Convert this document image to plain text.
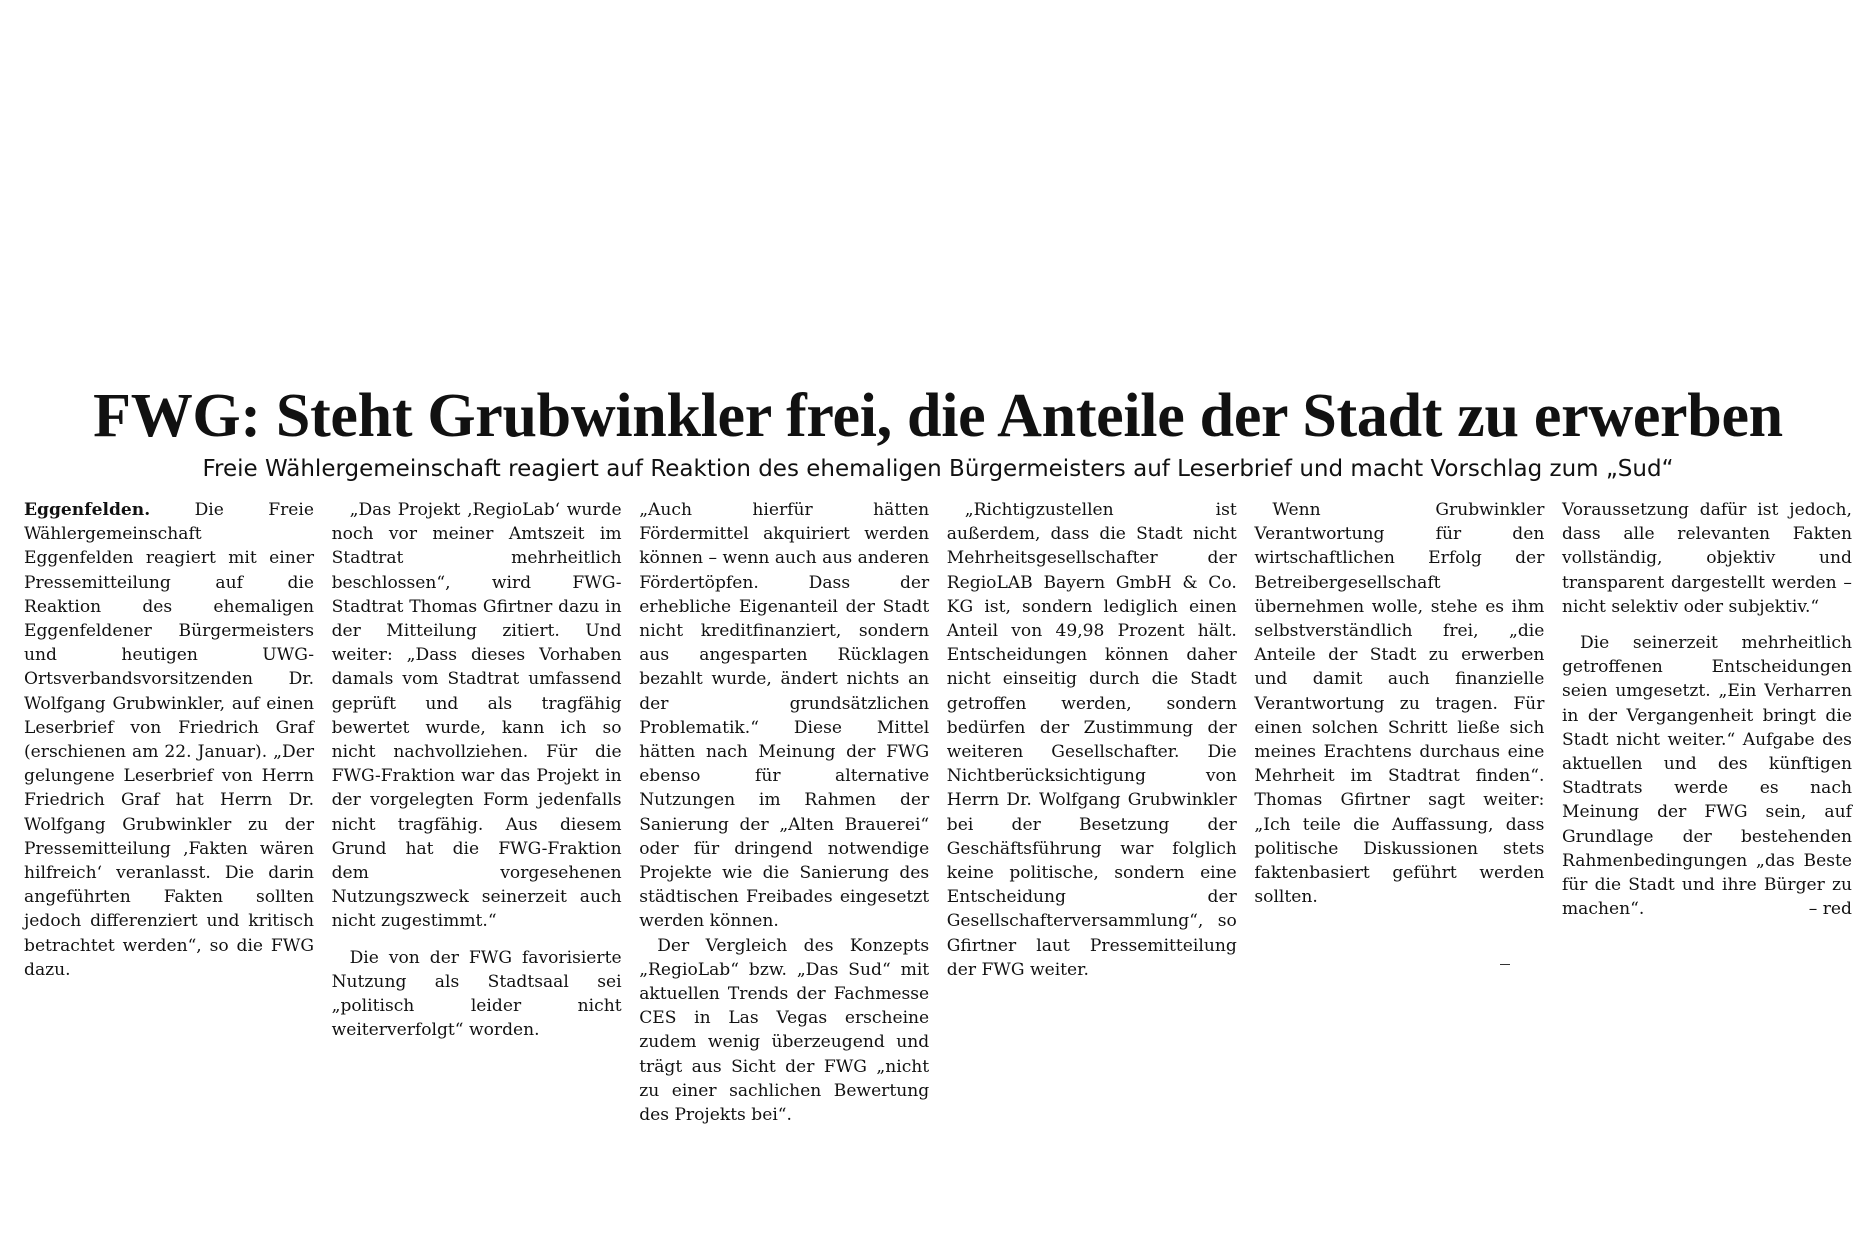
FWG: Steht Grubwinkler frei, die Anteile der Stadt zu erwerben
Freie Wählergemeinschaft reagiert auf Reaktion des ehemaligen Bürgermeisters auf Leserbrief und macht Vorschlag zum „Sud“

Eggenfelden.	Die Freie Wählergemeinschaft Eggenfelden reagiert mit einer Pressemitteilung auf die Reaktion des ehemaligen Eggenfeldener Bürgermeisters und heutigen UWG-Ortsverbandsvorsitzenden Dr. Wolfgang Grubwinkler, auf einen Leserbrief von Friedrich Graf (erschienen am 22. Januar). „Der gelungene Leserbrief von Herrn Friedrich Graf hat Herrn Dr. Wolfgang Grubwinkler zu der Pressemitteilung ‚Fakten wären hilfreich‘ veranlasst. Die darin angeführten Fakten sollten jedoch differenziert und kritisch betrachtet werden“, so die FWG dazu.

„Das Projekt ‚RegioLab‘ wurde noch vor meiner Amtszeit im Stadtrat mehrheitlich beschlossen“, wird FWG-Stadtrat Thomas Gfirtner dazu in der Mitteilung zitiert. Und weiter: „Dass dieses Vorhaben damals vom Stadtrat umfassend geprüft und als tragfähig bewertet wurde, kann ich so nicht nachvollziehen. Für die FWG-Fraktion war das Projekt in der vorgelegten Form jedenfalls nicht tragfähig. Aus diesem Grund hat die FWG-Fraktion dem vorgesehenen Nutzungszweck seinerzeit auch nicht zugestimmt.“

Die von der FWG favorisierte Nutzung als Stadtsaal sei „politisch leider nicht weiterverfolgt“ worden.

„Auch hierfür hätten Fördermittel akquiriert werden können – wenn auch aus anderen Fördertöpfen. Dass der erhebliche Eigenanteil der Stadt nicht kreditfinanziert, sondern aus angesparten Rücklagen bezahlt wurde, ändert nichts an der grundsätzlichen Problematik.“ Diese Mittel hätten nach Meinung der FWG ebenso für alternative Nutzungen im Rahmen der Sanierung der „Alten Brauerei“ oder für dringend notwendige Projekte wie die Sanierung des städtischen Freibades eingesetzt werden können.

Der Vergleich des Konzepts „RegioLab“ bzw. „Das Sud“ mit aktuellen Trends der Fachmesse CES in Las Vegas erscheine zudem wenig überzeugend und trägt aus Sicht der FWG „nicht zu einer sachlichen Bewertung des Projekts bei“.

„Richtigzustellen ist außerdem, dass die Stadt nicht Mehrheitsgesellschafter der RegioLAB Bayern GmbH & Co. KG ist, sondern lediglich einen Anteil von 49,98 Prozent hält. Entscheidungen können daher nicht einseitig durch die Stadt getroffen werden, sondern bedürfen der Zustimmung der weiteren Gesellschafter. Die Nichtberücksichtigung von Herrn Dr. Wolfgang Grubwinkler bei der Besetzung der Geschäftsführung war folglich keine politische, sondern eine Entscheidung der Gesellschafterversammlung“, so Gfirtner laut Pressemitteilung der FWG weiter.

Wenn Grubwinkler Verantwortung für den wirtschaftlichen Erfolg der Betreibergesellschaft übernehmen wolle, stehe es ihm selbstverständlich frei, „die Anteile der Stadt zu erwerben und damit auch finanzielle Verantwortung zu tragen. Für einen solchen Schritt ließe sich meines Erachtens durchaus eine Mehrheit im Stadtrat finden“. Thomas Gfirtner sagt weiter: „Ich teile die Auffassung, dass politische Diskussionen stets faktenbasiert geführt werden sollten.

Voraussetzung dafür ist jedoch, dass alle relevanten Fakten vollständig, objektiv und transparent dargestellt werden – nicht selektiv oder subjektiv.“

Die seinerzeit mehrheitlich getroffenen Entscheidungen seien umgesetzt. „Ein Verharren in der Vergangenheit bringt die Stadt nicht weiter.“ Aufgabe des aktuellen und des künftigen Stadtrats werde es nach Meinung der FWG sein, auf Grundlage der bestehenden Rahmenbedingungen „das Beste für die Stadt und ihre Bürger zu machen“.	– red
